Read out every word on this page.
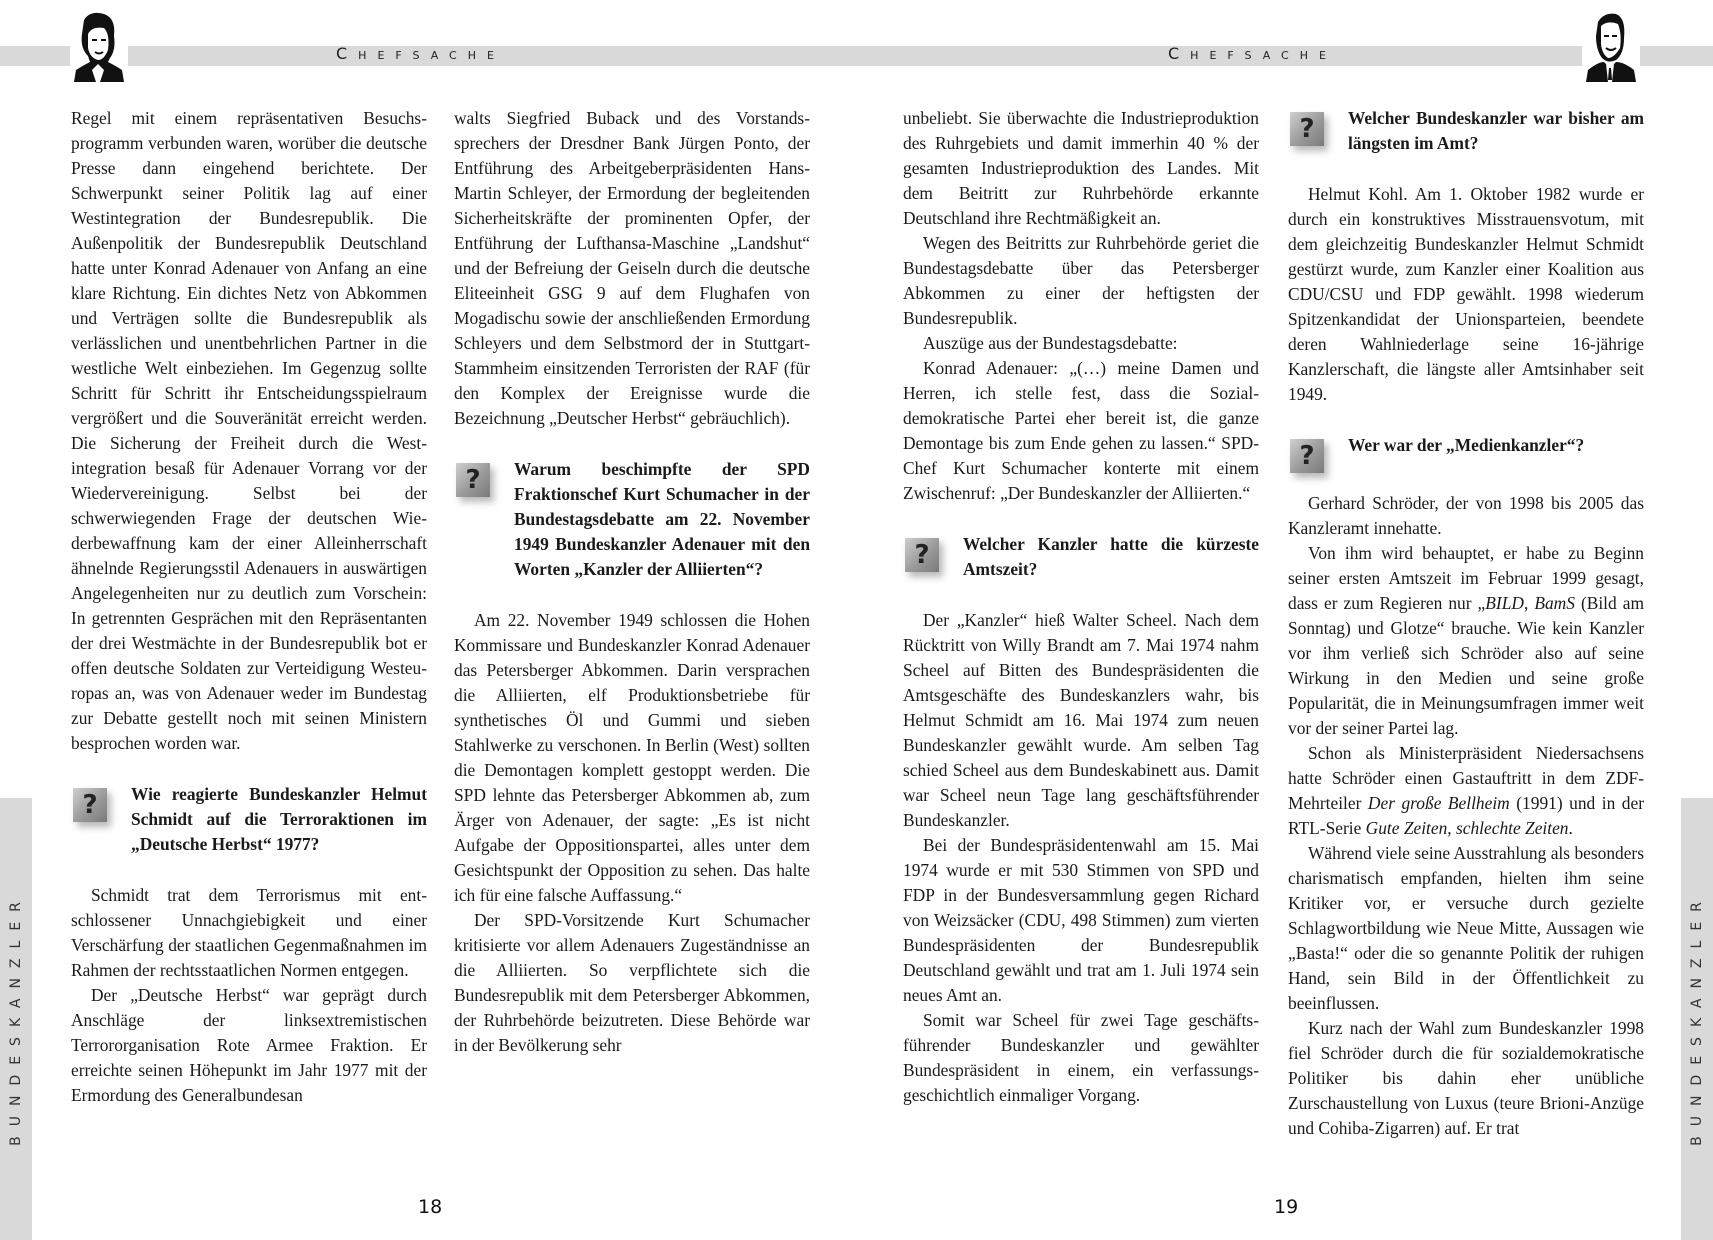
Chefsache

Regel mit einem repräsentativen Besuchsprogramm verbunden waren, worüber die deutsche Presse dann eingehend berichtete. Der Schwerpunkt seiner Politik lag auf einer Westintegration der Bundesrepublik. Die Außenpolitik der Bundesrepublik Deutschland hatte unter Konrad Adenauer von Anfang an eine klare Richtung. Ein dichtes Netz von Abkommen und Verträgen sollte die Bundesrepublik als verlässlichen und unentbehrlichen Partner in die westliche Welt einbeziehen. Im Gegenzug sollte Schritt für Schritt ihr Entscheidungsspielraum vergrößert und die Souveränität erreicht werden. Die Sicherung der Freiheit durch die Westintegration besaß für Adenauer Vorrang vor der Wiedervereinigung. Selbst bei der schwerwiegenden Frage der deutschen Wiederbewaffnung kam der einer Alleinherrschaft ähnelnde Regierungsstil Adenauers in auswärtigen Angelegenheiten nur zu deutlich zum Vorschein: In getrennten Gesprächen mit den Repräsentanten der drei Westmächte in der Bundesrepublik bot er offen deutsche Soldaten zur Verteidigung Westeuropas an, was von Adenauer weder im Bundestag zur Debatte gestellt noch mit seinen Ministern besprochen worden war.

?	Wie reagierte Bundeskanzler Helmut Schmidt auf die Terroraktionen im „Deutsche Herbst“ 1977?

Schmidt trat dem Terrorismus mit entschlossener Unnachgiebigkeit und einer Verschärfung der staatlichen Gegenmaßnahmen im Rahmen der rechtsstaatlichen Normen entgegen.

Der „Deutsche Herbst“ war geprägt durch Anschläge der linksextremistischen Terrororganisation Rote Armee Fraktion. Er erreichte seinen Höhepunkt im Jahr 1977 mit der Ermordung des Generalbundesan

walts Siegfried Buback und des Vorstandssprechers der Dresdner Bank Jürgen Ponto, der Entführung des Arbeitgeberpräsidenten Hans-Martin Schleyer, der Ermordung der begleitenden Sicherheitskräfte der prominenten Opfer, der Entführung der Lufthansa-Maschine „Landshut“ und der Befreiung der Geiseln durch die deutsche Eliteeinheit GSG 9 auf dem Flughafen von Mogadischu sowie der anschließenden Ermordung Schleyers und dem Selbstmord der in Stuttgart-Stammheim einsitzenden Terroristen der RAF (für den Komplex der Ereignisse wurde die Bezeichnung „Deutscher Herbst“ gebräuchlich).

?	Warum beschimpfte der SPD Fraktionschef Kurt Schumacher in der Bundestagsdebatte am 22. November 1949 Bundeskanzler Adenauer mit den Worten „Kanzler der Alliierten“?

Am 22. November 1949 schlossen die Hohen Kommissare und Bundeskanzler Konrad Adenauer das Petersberger Abkommen. Darin versprachen die Alliierten, elf Produktionsbetriebe für synthetisches Öl und Gummi und sieben Stahlwerke zu verschonen. In Berlin (West) sollten die Demontagen komplett gestoppt werden. Die SPD lehnte das Petersberger Abkommen ab, zum Ärger von Adenauer, der sagte: „Es ist nicht Aufgabe der Oppositionspartei, alles unter dem Gesichtspunkt der Opposition zu sehen. Das halte ich für eine falsche Auffassung.“

Der SPD-Vorsitzende Kurt Schumacher kritisierte vor allem Adenauers Zugeständnisse an die Alliierten. So verpflichtete sich die Bundesrepublik mit dem Petersberger Abkommen, der Ruhrbehörde beizutreten. Diese Behörde war in der Bevölkerung sehr

BUNDESKANZLER
18
Chefsache

unbeliebt. Sie überwachte die Industrieproduktion des Ruhrgebiets und damit immerhin 40 % der gesamten Industrieproduktion des Landes. Mit dem Beitritt zur Ruhrbehörde erkannte Deutschland ihre Rechtmäßigkeit an.

Wegen des Beitritts zur Ruhrbehörde geriet die Bundestagsdebatte über das Petersberger Abkommen zu einer der heftigsten der Bundesrepublik.

Auszüge aus der Bundestagsdebatte:

Konrad Adenauer: „(…) meine Damen und Herren, ich stelle fest, dass die Sozialdemokratische Partei eher bereit ist, die ganze Demontage bis zum Ende gehen zu lassen.“ SPD-Chef Kurt Schumacher konterte mit einem Zwischenruf: „Der Bundeskanzler der Alliierten.“

?	Welcher Kanzler hatte die kürzeste Amtszeit?

Der „Kanzler“ hieß Walter Scheel. Nach dem Rücktritt von Willy Brandt am 7. Mai 1974 nahm Scheel auf Bitten des Bundespräsidenten die Amtsgeschäfte des Bundeskanzlers wahr, bis Helmut Schmidt am 16. Mai 1974 zum neuen Bundeskanzler gewählt wurde. Am selben Tag schied Scheel aus dem Bundeskabinett aus. Damit war Scheel neun Tage lang geschäftsführender Bundeskanzler.

Bei der Bundespräsidentenwahl am 15. Mai 1974 wurde er mit 530 Stimmen von SPD und FDP in der Bundesversammlung gegen Richard von Weizsäcker (CDU, 498 Stimmen) zum vierten Bundespräsidenten der Bundesrepublik Deutschland gewählt und trat am 1. Juli 1974 sein neues Amt an.

Somit war Scheel für zwei Tage geschäftsführender Bundeskanzler und gewählter Bundespräsident in einem, ein verfassungsgeschichtlich einmaliger Vorgang.

?	Welcher Bundeskanzler war bisher am längsten im Amt?

Helmut Kohl. Am 1. Oktober 1982 wurde er durch ein konstruktives Misstrauensvotum, mit dem gleichzeitig Bundeskanzler Helmut Schmidt gestürzt wurde, zum Kanzler einer Koalition aus CDU/CSU und FDP gewählt. 1998 wiederum Spitzenkandidat der Unionsparteien, beendete deren Wahlniederlage seine 16-jährige Kanzlerschaft, die längste aller Amtsinhaber seit 1949.

?	Wer war der „Medienkanzler“?

Gerhard Schröder, der von 1998 bis 2005 das Kanzleramt innehatte.

Von ihm wird behauptet, er habe zu Beginn seiner ersten Amtszeit im Februar 1999 gesagt, dass er zum Regieren nur „BILD, BamS (Bild am Sonntag) und Glotze“ brauche. Wie kein Kanzler vor ihm verließ sich Schröder also auf seine Wirkung in den Medien und seine große Popularität, die in Meinungsumfragen immer weit vor der seiner Partei lag.

Schon als Ministerpräsident Niedersachsens hatte Schröder einen Gastauftritt in dem ZDF-Mehrteiler Der große Bellheim (1991) und in der RTL-Serie Gute Zeiten, schlechte Zeiten.

Während viele seine Ausstrahlung als besonders charismatisch empfanden, hielten ihm seine Kritiker vor, er versuche durch gezielte Schlagwortbildung wie Neue Mitte, Aussagen wie „Basta!“ oder die so genannte Politik der ruhigen Hand, sein Bild in der Öffentlichkeit zu beeinflussen.

Kurz nach der Wahl zum Bundeskanzler 1998 fiel Schröder durch die für sozialdemokratische Politiker bis dahin eher unübliche Zurschaustellung von Luxus (teure Brioni-Anzüge und Cohiba-Zigarren) auf. Er trat	BUNDESKANZLER
19
